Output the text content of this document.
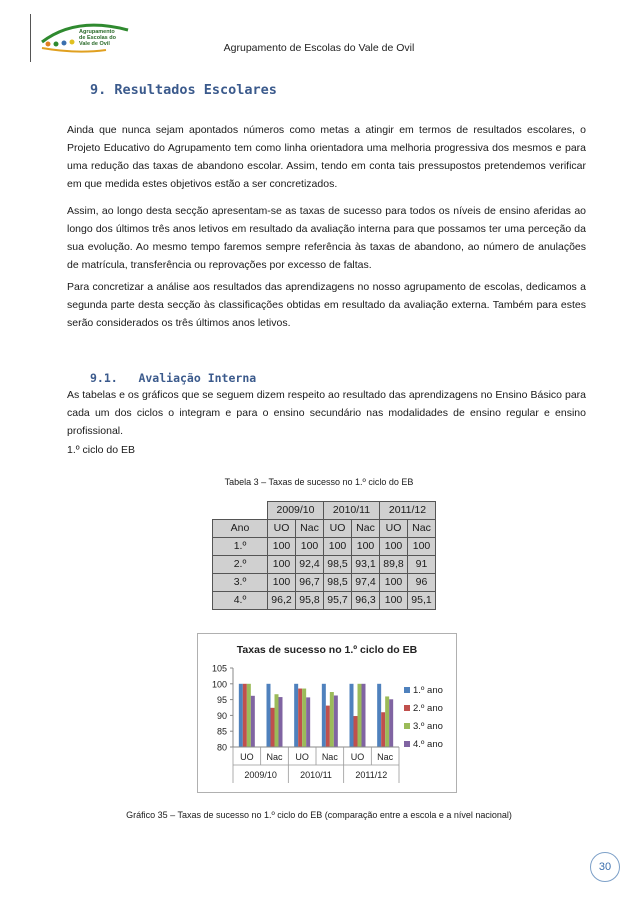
Agrupamento
de Escolas do
Vale de Ovil	Agrupamento de Escolas do Vale de Ovil
9. Resultados Escolares
Ainda que nunca sejam apontados números como metas a atingir em termos de resultados escolares, o Projeto Educativo do Agrupamento tem como linha orientadora uma melhoria progressiva dos mesmos e para uma redução das taxas de abandono escolar. Assim, tendo em conta tais pressupostos pretendemos verificar em que medida estes objetivos estão a ser concretizados.
Assim, ao longo desta secção apresentam-se as taxas de sucesso para todos os níveis de ensino aferidas ao longo dos últimos três anos letivos em resultado da avaliação interna para que possamos ter uma perceção da sua evolução. Ao mesmo tempo faremos sempre referência às taxas de abandono, ao número de anulações de matrícula, transferência ou reprovações por excesso de faltas.
Para concretizar a análise aos resultados das aprendizagens no nosso agrupamento de escolas, dedicamos a segunda parte desta secção às classificações obtidas em resultado da avaliação externa. Também para estes serão considerados os três últimos anos letivos.
9.1.   Avaliação Interna
As tabelas e os gráficos que se seguem dizem respeito ao resultado das aprendizagens no Ensino Básico para cada um dos ciclos o integram e para o ensino secundário nas modalidades de ensino regular e ensino profissional.
1.º ciclo do EB
Tabela 3 – Taxas de sucesso no 1.º ciclo do EB
	2009/10		2010/11		2011/12	
Ano	UO	Nac	UO	Nac	UO	Nac
1.º	100	100	100	100	100	100
2.º	100	92,4	98,5	93,1	89,8	91
3.º	100	96,7	98,5	97,4	100	96
4.º	96,2	95,8	95,7	96,3	100	95,1
Taxas de sucesso no 1.º ciclo do EB
80
85
90
95
100
105
UO Nac UO Nac UO Nac
2009/10	2010/11	2011/12
1.º ano
2.º ano
3.º ano
4.º ano
Gráfico 35 – Taxas de sucesso no 1.º ciclo do EB (comparação entre a escola e a nível nacional)
30
